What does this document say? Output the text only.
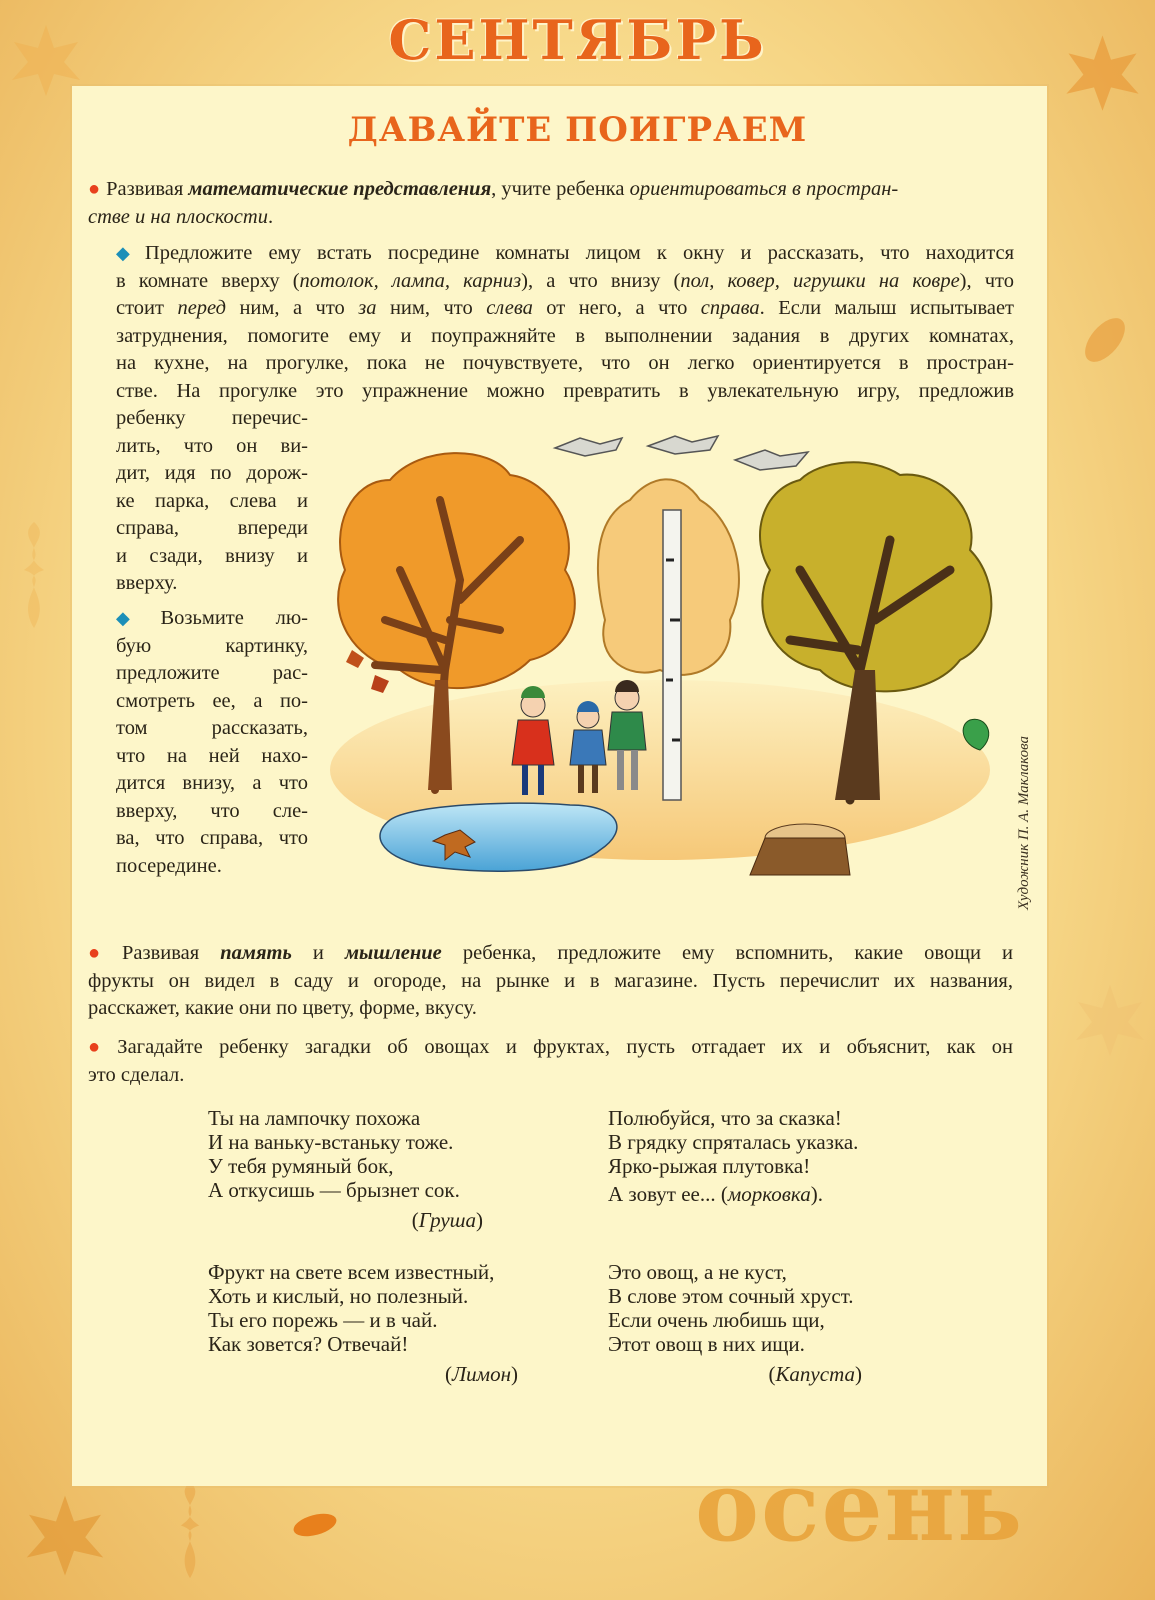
СЕНТЯБРЬ
ДАВАЙТЕ ПОИГРАЕМ
● Развивая математические представления, учите ребенка ориентироваться в простран-
стве и на плоскости.
◆ Предложите ему встать посредине комнаты лицом к окну и рассказать, что находится
в комнате вверху (потолок, лампа, карниз), а что внизу (пол, ковер, игрушки на ковре), что
стоит перед ним, а что за ним, что слева от него, а что справа. Если малыш испытывает
затруднения, помогите ему и поупражняйте в выполнении задания в других комнатах,
на кухне, на прогулке, пока не почувствуете, что он легко ориентируется в простран-
стве. На прогулке это упражнение можно превратить в увлекательную игру, предложив
ребенку перечис-
лить, что он ви-
дит, идя по дорож-
ке парка, слева и
справа, впереди
и сзади, внизу и
вверху.
◆ Возьмите лю-
бую картинку,
предложите рас-
смотреть ее, а по-
том рассказать,
что на ней нахо-
дится внизу, а что
вверху, что сле-
ва, что справа, что
посередине.	Художник П. А. Маклакова
● Развивая память и мышление ребенка, предложите ему вспомнить, какие овощи и
фрукты он видел в саду и огороде, на рынке и в магазине. Пусть перечислит их названия,
расскажет, какие они по цвету, форме, вкусу.
● Загадайте ребенку загадки об овощах и фруктах, пусть отгадает их и объяснит, как он
это сделал.
Ты на лампочку похожа
И на ваньку-встаньку тоже.
У тебя румяный бок,
А откусишь — брызнет сок.
(Груша)
Полюбуйся, что за сказка!
В грядку спряталась указка.
Ярко-рыжая плутовка!
А зовут ее... (морковка).
Фрукт на свете всем известный,
Хоть и кислый, но полезный.
Ты его порежь — и в чай.
Как зовется? Отвечай!
(Лимон)
Это овощ, а не куст,
В слове этом сочный хруст.
Если очень любишь щи,
Этот овощ в них ищи.
(Капуста)
осень
